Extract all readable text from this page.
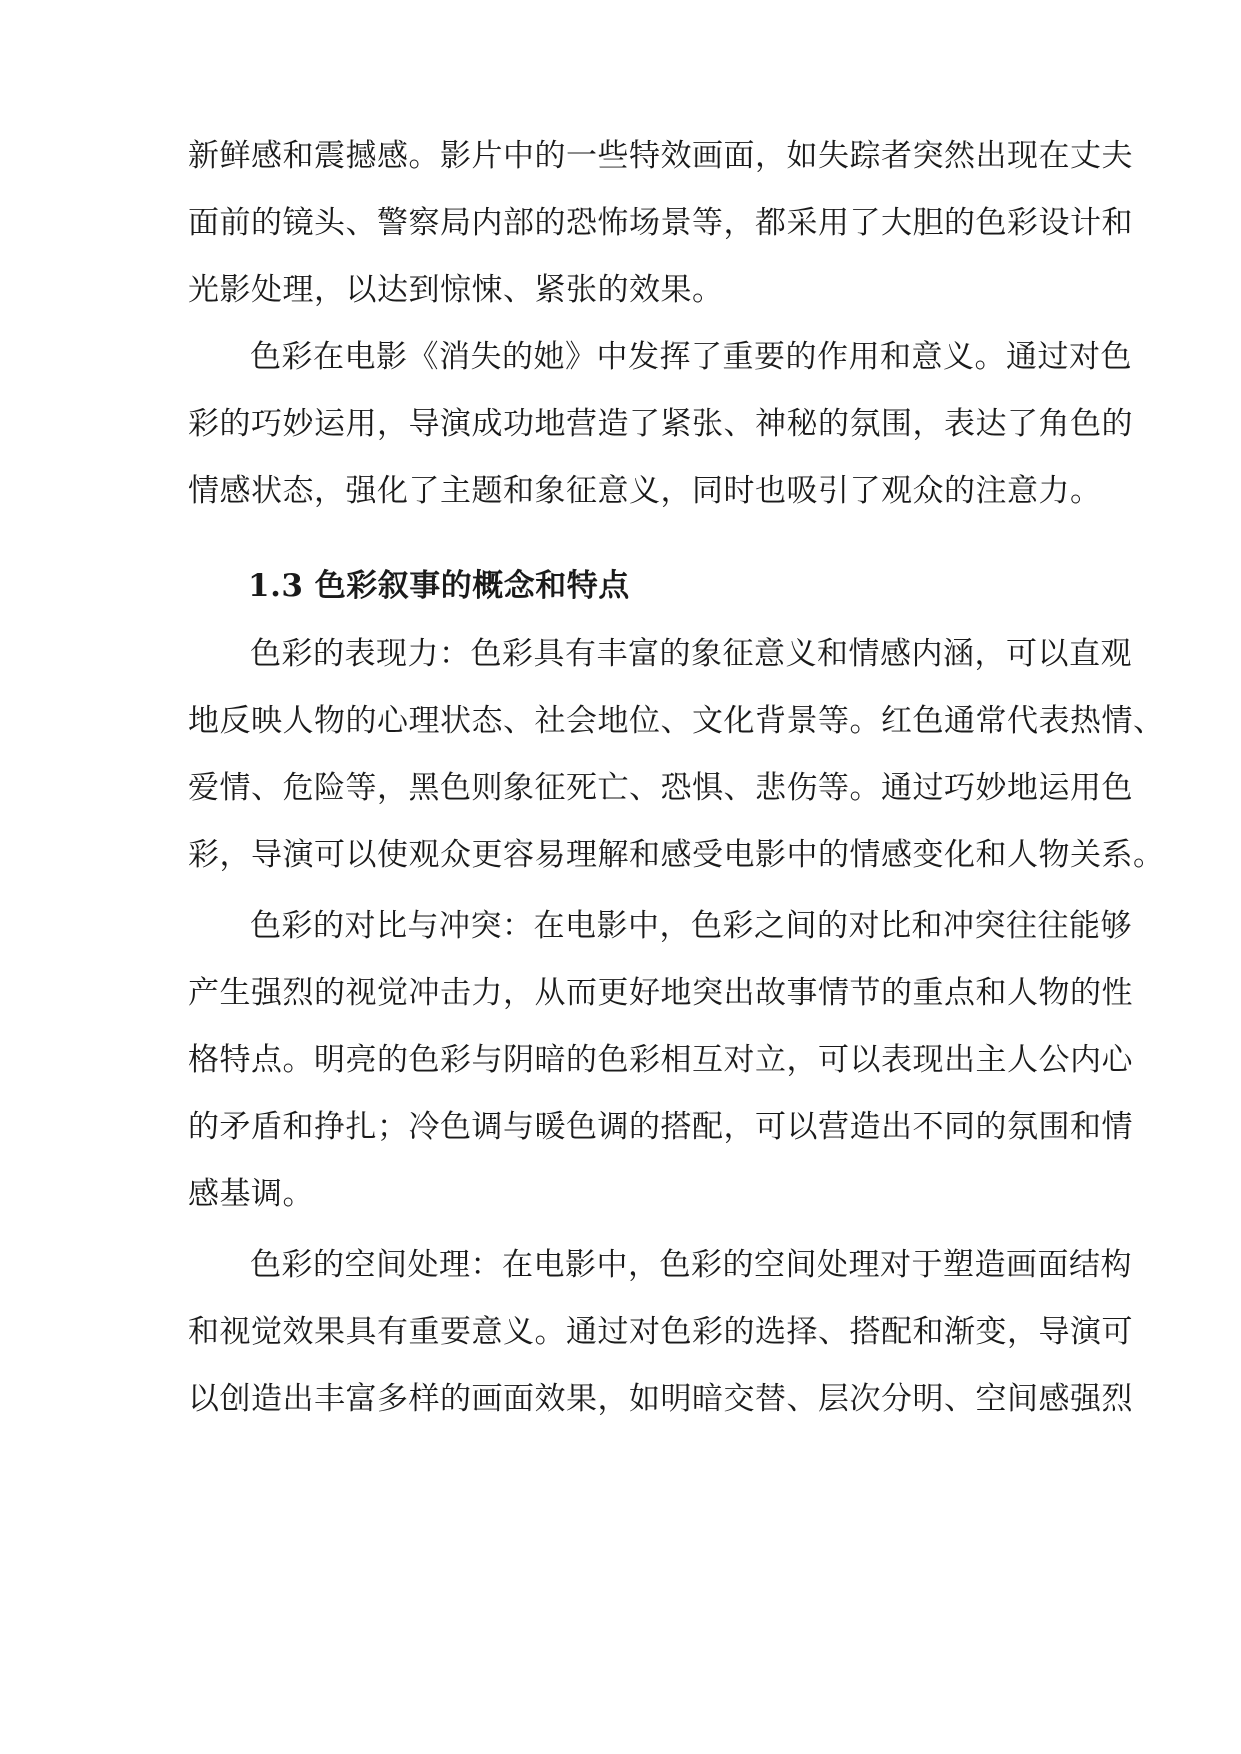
新鲜感和震撼感。影片中的一些特效画面，如失踪者突然出现在丈夫
面前的镜头、警察局内部的恐怖场景等，都采用了大胆的色彩设计和
光影处理，以达到惊悚、紧张的效果。
色彩在电影《消失的她》中发挥了重要的作用和意义。通过对色
彩的巧妙运用，导演成功地营造了紧张、神秘的氛围，表达了角色的
情感状态，强化了主题和象征意义，同时也吸引了观众的注意力。
1.3 色彩叙事的概念和特点
色彩的表现力：色彩具有丰富的象征意义和情感内涵，可以直观
地反映人物的心理状态、社会地位、文化背景等。红色通常代表热情、
爱情、危险等，黑色则象征死亡、恐惧、悲伤等。通过巧妙地运用色
彩，导演可以使观众更容易理解和感受电影中的情感变化和人物关系。
色彩的对比与冲突：在电影中，色彩之间的对比和冲突往往能够
产生强烈的视觉冲击力，从而更好地突出故事情节的重点和人物的性
格特点。明亮的色彩与阴暗的色彩相互对立，可以表现出主人公内心
的矛盾和挣扎；冷色调与暖色调的搭配，可以营造出不同的氛围和情
感基调。
色彩的空间处理：在电影中，色彩的空间处理对于塑造画面结构
和视觉效果具有重要意义。通过对色彩的选择、搭配和渐变，导演可
以创造出丰富多样的画面效果，如明暗交替、层次分明、空间感强烈
